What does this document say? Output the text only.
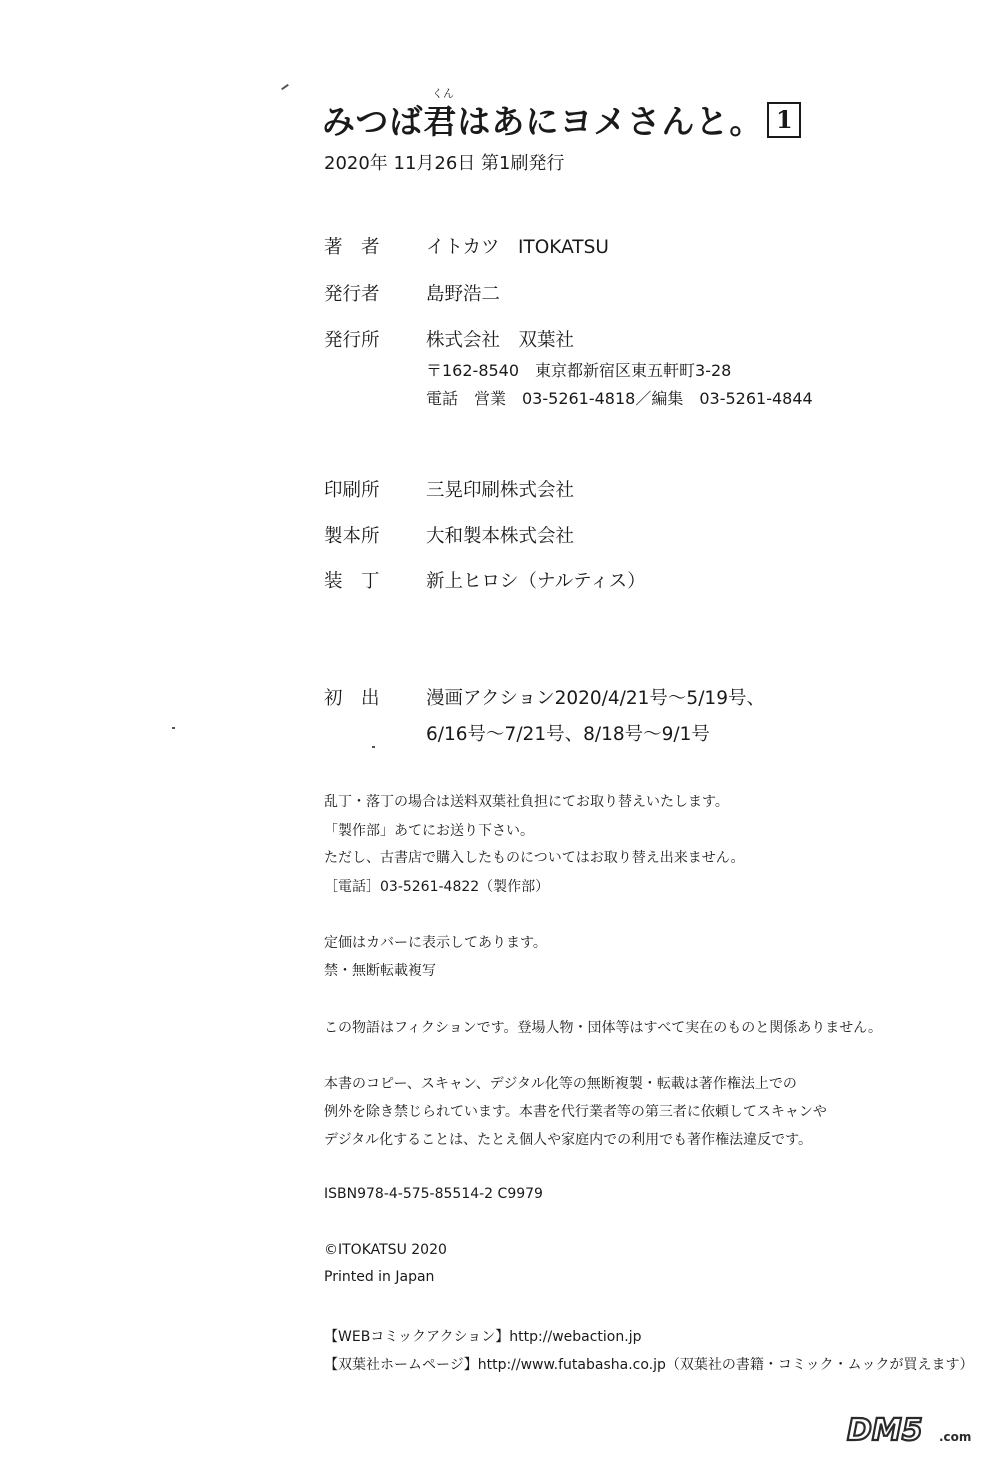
くん
みつば君はあにヨメさんと。 1
2020年 11月26日 第1刷発行
著　者	イトカツ　ITOKATSU
発行者	島野浩二
発行所	株式会社　双葉社
〒162-8540　東京都新宿区東五軒町3-28
電話　営業　03-5261-4818／編集　03-5261-4844
印刷所	三晃印刷株式会社
製本所	大和製本株式会社
装　丁	新上ヒロシ（ナルティス）
初　出	漫画アクション2020/4/21号～5/19号、
6/16号～7/21号、8/18号～9/1号
乱丁・落丁の場合は送料双葉社負担にてお取り替えいたします。
「製作部」あてにお送り下さい。
ただし、古書店で購入したものについてはお取り替え出来ません。
［電話］03-5261-4822（製作部）
定価はカバーに表示してあります。
禁・無断転載複写
この物語はフィクションです。登場人物・団体等はすべて実在のものと関係ありません。
本書のコピー、スキャン、デジタル化等の無断複製・転載は著作権法上での
例外を除き禁じられています。本書を代行業者等の第三者に依頼してスキャンや
デジタル化することは、たとえ個人や家庭内での利用でも著作権法違反です。
ISBN978-4-575-85514-2 C9979
©ITOKATSU 2020
Printed in Japan
【WEBコミックアクション】http://webaction.jp
【双葉社ホームページ】http://www.futabasha.co.jp（双葉社の書籍・コミック・ムックが買えます）
DM5 .com
